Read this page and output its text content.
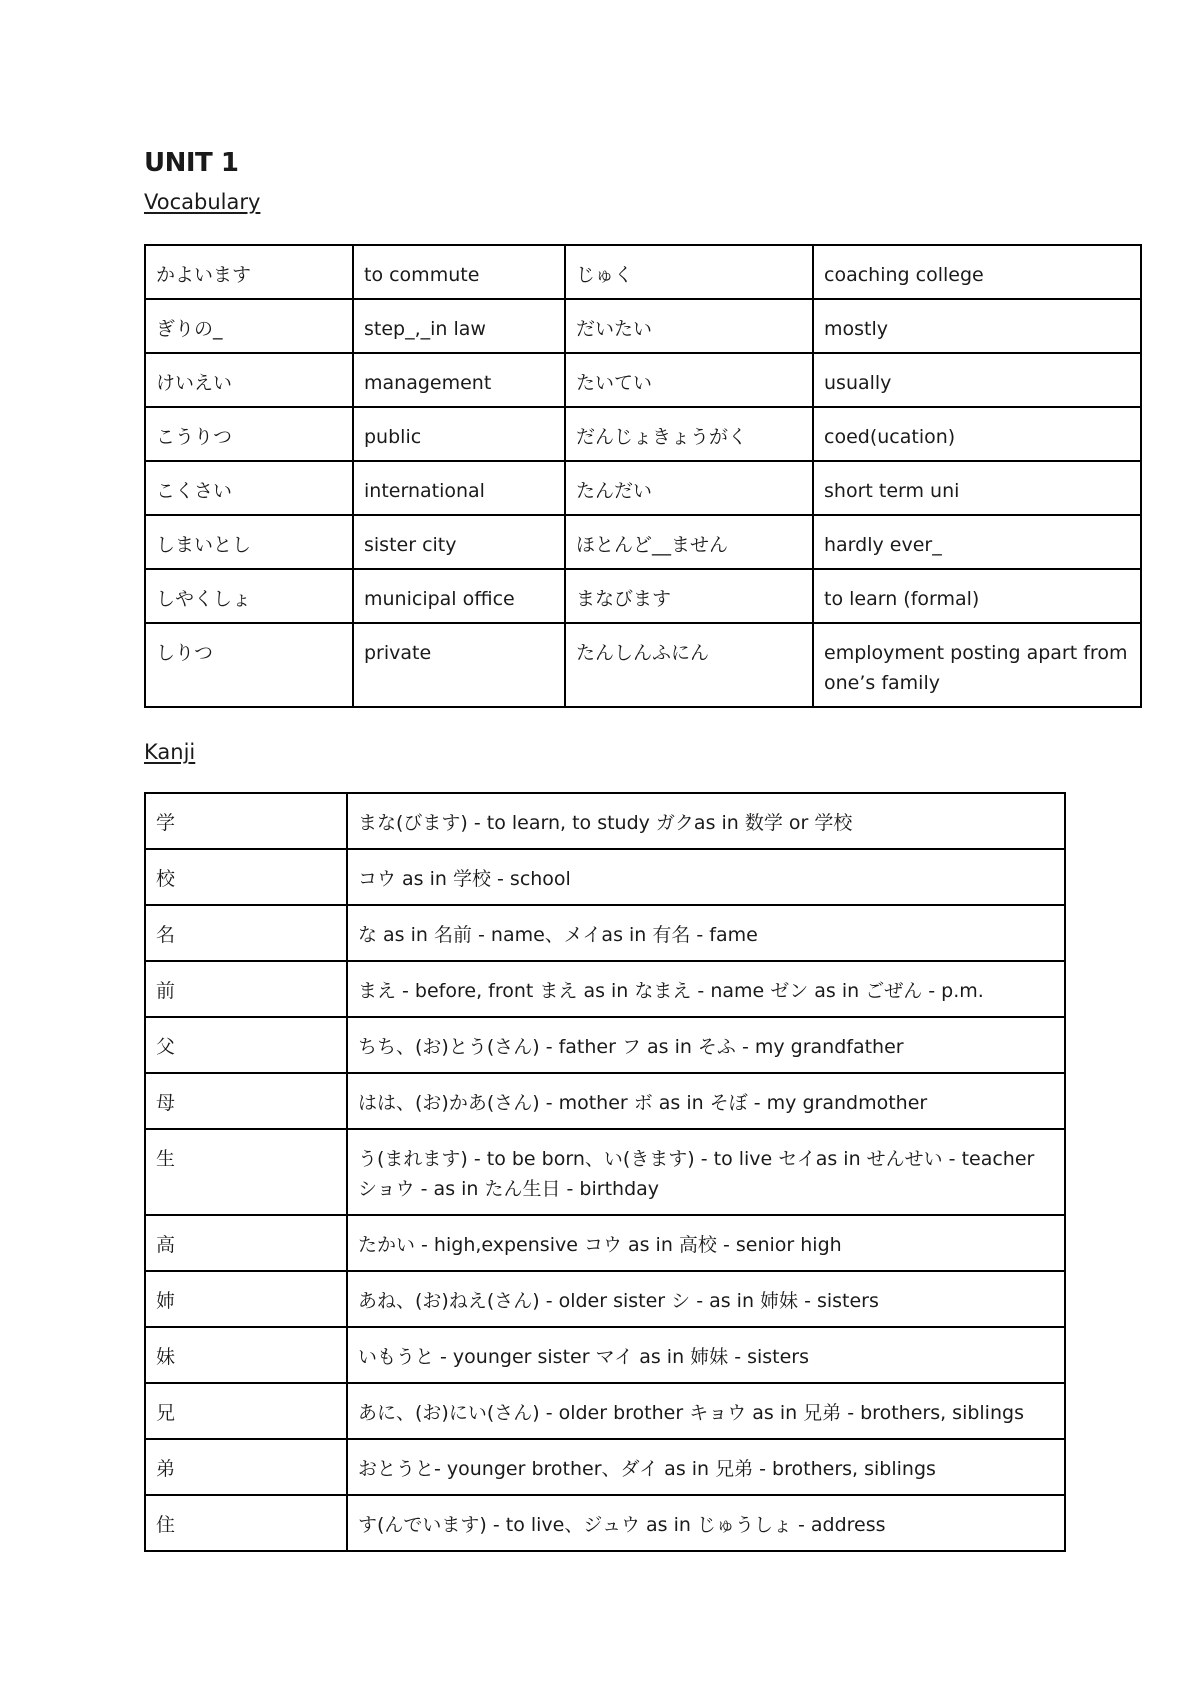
UNIT 1
Vocabulary
かよいます	to commute	じゅく	coaching college
ぎりの_	step_,_in law	だいたい	mostly
けいえい	management	たいてい	usually
こうりつ	public	だんじょきょうがく	coed(ucation)
こくさい	international	たんだい	short term uni
しまいとし	sister city	ほとんど__ません	hardly ever_
しやくしょ	municipal office	まなびます	to learn (formal)
しりつ	private	たんしんふにん	employment posting apart from one’s family
Kanji
学	まな(びます) - to learn, to study ガクas in 数学 or 学校
校	コウ as in 学校 - school
名	な as in 名前 - name、メイas in 有名 - fame
前	まえ - before, front まえ as in なまえ - name ゼン as in ごぜん - p.m.
父	ちち、(お)とう(さん) - father フ as in そふ - my grandfather
母	はは、(お)かあ(さん) - mother ボ as in そぼ - my grandmother
生	う(まれます) - to be born、い(きます) - to live セイas in せんせい - teacher ショウ - as in たん生日 - birthday
高	たかい - high,expensive コウ as in 高校 - senior high
姉	あね、(お)ねえ(さん) - older sister シ - as in 姉妹 - sisters
妹	いもうと - younger sister マイ as in 姉妹 - sisters
兄	あに、(お)にい(さん) - older brother キョウ as in 兄弟 - brothers, siblings
弟	おとうと- younger brother、ダイ as in 兄弟 - brothers, siblings
住	す(んでいます) - to live、ジュウ as in じゅうしょ - address
